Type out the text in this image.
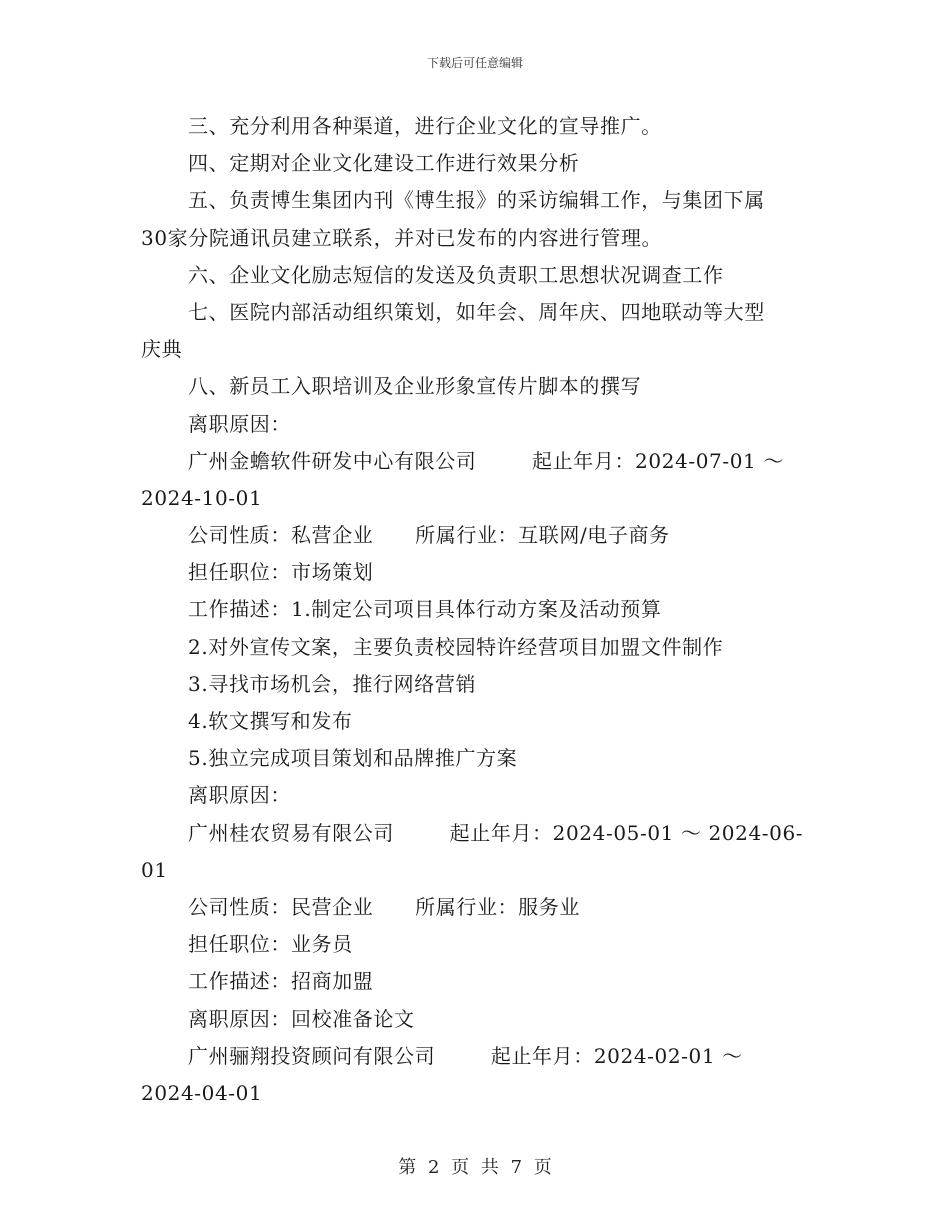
下载后可任意编辑
三、充分利用各种渠道，进行企业文化的宣导推广。
四、定期对企业文化建设工作进行效果分析
五、负责博生集团内刊《博生报》的采访编辑工作，与集团下属
30家分院通讯员建立联系，并对已发布的内容进行管理。
六、企业文化励志短信的发送及负责职工思想状况调查工作
七、医院内部活动组织策划，如年会、周年庆、四地联动等大型
庆典
八、新员工入职培训及企业形象宣传片脚本的撰写
离职原因：
广州金蟾软件研发中心有限公司        起止年月：2024-07-01 ～
2024-10-01
公司性质：私营企业      所属行业：互联网/电子商务
担任职位：市场策划
工作描述：1.制定公司项目具体行动方案及活动预算
2.对外宣传文案，主要负责校园特许经营项目加盟文件制作
3.寻找市场机会，推行网络营销
4.软文撰写和发布
5.独立完成项目策划和品牌推广方案
离职原因：
广州桂农贸易有限公司        起止年月：2024-05-01 ～ 2024-06-
01
公司性质：民营企业      所属行业：服务业
担任职位：业务员
工作描述：招商加盟
离职原因：回校准备论文
广州骊翔投资顾问有限公司        起止年月：2024-02-01 ～
2024-04-01
第 2 页 共 7 页
